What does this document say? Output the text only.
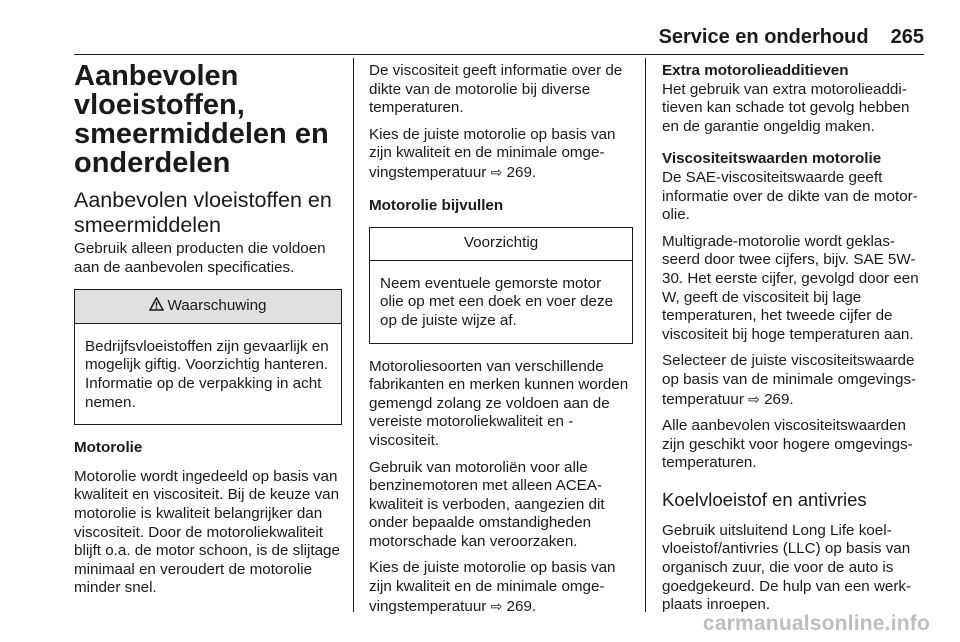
Service en onderhoud 265
Aanbevolen vloeistoffen, smeermiddelen en onderdelen
Aanbevolen vloeistoffen en smeermiddelen

Gebruik alleen producten die voldoen aan de aanbevolen specificaties.

Waarschuwing
Bedrijfsvloeistoffen zijn gevaarlijk en mogelijk giftig. Voorzichtig hanteren. Informatie op de verpakking in acht nemen.
Motorolie

Motorolie wordt ingedeeld op basis van kwaliteit en viscositeit. Bij de keuze van motorolie is kwaliteit belangrijker dan viscositeit. Door de motoroliekwaliteit blijft o.a. de motor schoon, is de slijtage minimaal en veroudert de motorolie minder snel.

De viscositeit geeft informatie over de dikte van de motorolie bij diverse temperaturen.

Kies de juiste motorolie op basis van zijn kwaliteit en de minimale omgevingstemperatuur ⇨ 269.

Motorolie bijvullen
Voorzichtig
Neem eventuele gemorste motor olie op met een doek en voer deze op de juiste wijze af.

Motoroliesoorten van verschillende fabrikanten en merken kunnen worden gemengd zolang ze voldoen aan de vereiste motoroliekwaliteit en -viscositeit.

Gebruik van motoroliën voor alle benzinemotoren met alleen ACEA-kwaliteit is verboden, aangezien dit onder bepaalde omstandigheden motorschade kan veroorzaken.

Kies de juiste motorolie op basis van zijn kwaliteit en de minimale omgevingstemperatuur ⇨ 269.

Extra motorolieadditieven

Het gebruik van extra motorolieadditieven kan schade tot gevolg hebben en de garantie ongeldig maken.

Viscositeitswaarden motorolie

De SAE-viscositeitswaarde geeft informatie over de dikte van de motorolie.

Multigrade-motorolie wordt geklasseerd door twee cijfers, bijv. SAE 5W-30. Het eerste cijfer, gevolgd door een W, geeft de viscositeit bij lage temperaturen, het tweede cijfer de viscositeit bij hoge temperaturen aan.

Selecteer de juiste viscositeitswaarde op basis van de minimale omgevingstemperatuur ⇨ 269.

Alle aanbevolen viscositeitswaarden zijn geschikt voor hogere omgevingstemperaturen.

Koelvloeistof en antivries

Gebruik uitsluitend Long Life koelvloeistof/antivries (LLC) op basis van organisch zuur, die voor de auto is goedgekeurd. De hulp van een werkplaats inroepen.

carmanualsonline.info
